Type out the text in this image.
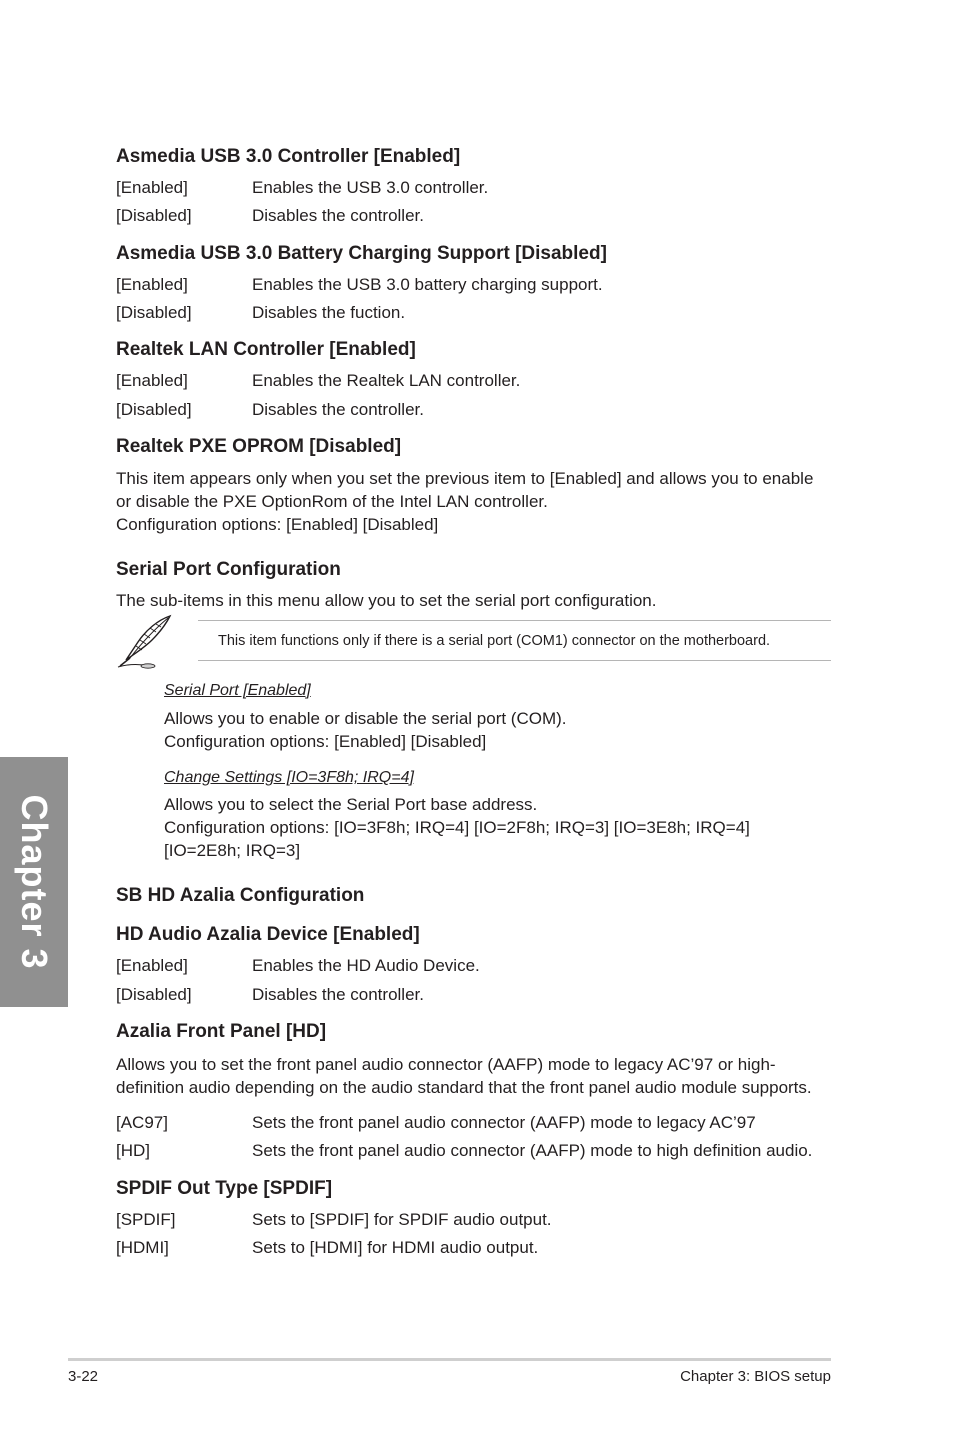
Asmedia USB 3.0 Controller [Enabled]
[Enabled]	Enables the USB 3.0 controller.
[Disabled]	Disables the controller.
Asmedia USB 3.0 Battery Charging Support [Disabled]
[Enabled]	Enables the USB 3.0 battery charging support.
[Disabled]	Disables the fuction.
Realtek LAN Controller [Enabled]
[Enabled]	Enables the Realtek LAN controller.
[Disabled]	Disables the controller.
Realtek PXE OPROM [Disabled]
This item appears only when you set the previous item to [Enabled] and allows you to enable
or disable the PXE OptionRom of the Intel LAN controller.
Configuration options: [Enabled] [Disabled]
Serial Port Configuration
The sub-items in this menu allow you to set the serial port configuration.
This item functions only if there is a serial port (COM1) connector on the motherboard.
Serial Port [Enabled]
Allows you to enable or disable the serial port (COM).
Configuration options: [Enabled] [Disabled]
Change Settings [IO=3F8h; IRQ=4]
Allows you to select the Serial Port base address.
Configuration options: [IO=3F8h; IRQ=4] [IO=2F8h; IRQ=3] [IO=3E8h; IRQ=4]
[IO=2E8h; IRQ=3]
SB HD Azalia Configuration
HD Audio Azalia Device [Enabled]
[Enabled]	Enables the HD Audio Device.
[Disabled]	Disables the controller.
Azalia Front Panel [HD]
Allows you to set the front panel audio connector (AAFP) mode to legacy AC’97 or high-
definition audio depending on the audio standard that the front panel audio module supports.
[AC97]	Sets the front panel audio connector (AAFP) mode to legacy AC’97
[HD]	Sets the front panel audio connector (AAFP) mode to high definition audio.
SPDIF Out Type [SPDIF]
[SPDIF]	Sets to [SPDIF] for SPDIF audio output.
[HDMI]	Sets to [HDMI] for HDMI audio output.
Chapter 3
3-22	Chapter 3: BIOS setup
